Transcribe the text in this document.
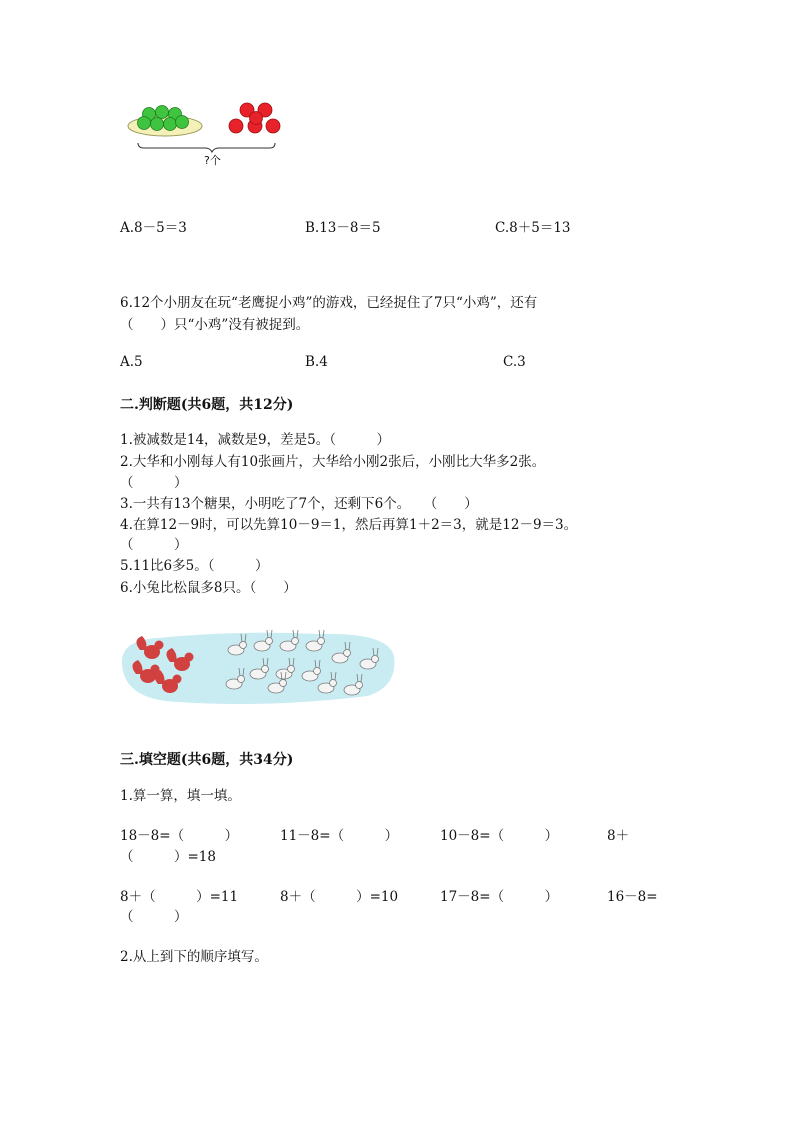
?个
A.8－5＝3	B.13－8＝5	C.8＋5＝13
6.12个小朋友在玩“老鹰捉小鸡”的游戏，已经捉住了7只“小鸡”，还有
（　　）只“小鸡”没有被捉到。
A.5	B.4	C.3
二.判断题(共6题，共12分)
1.被减数是14，减数是9，差是5。（　　　）
2.大华和小刚每人有10张画片，大华给小刚2张后，小刚比大华多2张。
（　　　）
3.一共有13个糖果，小明吃了7个，还剩下6个。　　（　　）
4.在算12－9时，可以先算10－9＝1，然后再算1＋2＝3，就是12－9＝3。
（　　　）
5.11比6多5。（　　　）
6.小兔比松鼠多8只。（　　）
三.填空题(共6题，共34分)
1.算一算，填一填。
18－8=（　　　）	11－8=（　　　）	10－8=（　　　）	8＋
（　　　）=18
8＋（　　　）=11	8＋（　　　）=10	17－8=（　　　）	16－8=
（　　　）
2.从上到下的顺序填写。
